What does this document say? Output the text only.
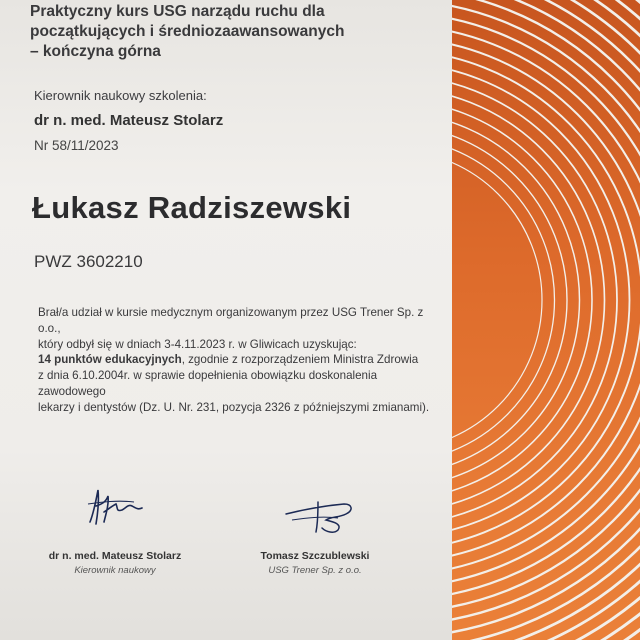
Praktyczny kurs USG narządu ruchu dla
początkujących i średniozaawansowanych
– kończyna górna
Kierownik naukowy szkolenia:
dr n. med. Mateusz Stolarz
Nr 58/11/2023
Łukasz Radziszewski
PWZ 3602210
Brał/a udział w kursie medycznym organizowanym przez USG Trener Sp. z o.o.,
który odbył się w dniach 3-4.11.2023 r. w Gliwicach uzyskując:
14 punktów edukacyjnych, zgodnie z rozporządzeniem Ministra Zdrowia
z dnia 6.10.2004r. w sprawie dopełnienia obowiązku doskonalenia zawodowego
lekarzy i dentystów (Dz. U. Nr. 231, pozycja 2326 z późniejszymi zmianami).
dr n. med. Mateusz Stolarz
Kierownik naukowy
Tomasz Szczublewski
USG Trener Sp. z o.o.
